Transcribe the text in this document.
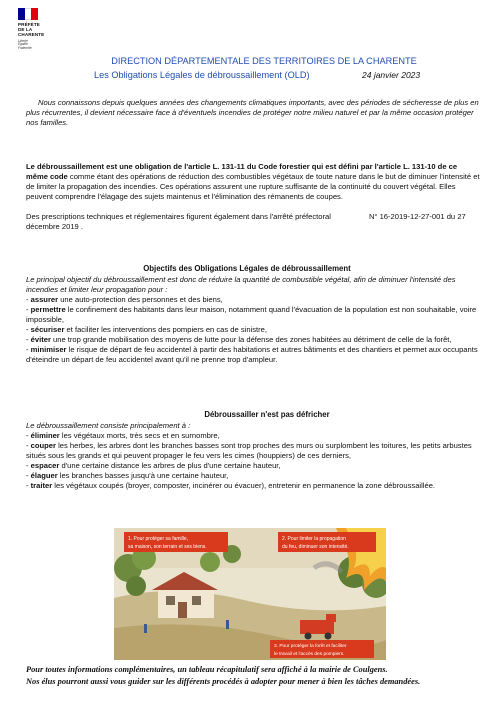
PRÉFÈTE
DE LA
CHARENTE
Liberté
Égalité
Fraternité
DIRECTION DÉPARTEMENTALE DES TERRITOIRES DE LA CHARENTE
Les Obligations Légales de débroussaillement (OLD)	24 janvier 2023

Nous connaissons depuis quelques années des changements climatiques importants, avec des périodes de sécheresse de plus en plus récurrentes, il devient nécessaire face à d'éventuels incendies de protéger notre milieu naturel et par la même occasion protéger nos familles.

Le débroussaillement est une obligation de l'article L. 131-11 du Code forestier qui est défini par l'article L. 131-10 de ce même code comme étant des opérations de réduction des combustibles végétaux de toute nature dans le but de diminuer l'intensité et de limiter la propagation des incendies. Ces opérations assurent une rupture suffisante de la continuité du couvert végétal. Elles peuvent comprendre l'élagage des sujets maintenus et l'élimination des rémanents de coupes.

Des prescriptions techniques et réglementaires figurent également dans l'arrêté préfectoral	N° 16-2019-12-27-001 du 27 décembre 2019 .

Objectifs des Obligations Légales de débroussaillement
Le principal objectif du débroussaillement est donc de réduire la quantité de combustible végétal, afin de diminuer l'intensité des incendies et limiter leur propagation pour :
- assurer une auto-protection des personnes et des biens,
- permettre le confinement des habitants dans leur maison, notamment quand l'évacuation de la population est non souhaitable, voire impossible,
- sécuriser et faciliter les interventions des pompiers en cas de sinistre,
- éviter une trop grande mobilisation des moyens de lutte pour la défense des zones habitées au détriment de celle de la forêt,
- minimiser le risque de départ de feu accidentel à partir des habitations et autres bâtiments et des chantiers et permet aux occupants d'éteindre un départ de feu accidentel avant qu'il ne prenne trop d'ampleur.
Débroussailler n'est pas défricher
Le débroussaillement consiste principalement à :
- éliminer les végétaux morts, très secs et en surnombre,
- couper les herbes, les arbres dont les branches basses sont trop proches des murs ou surplombent les toitures, les petits arbustes situés sous les grands et qui peuvent propager le feu vers les cimes (houppiers) de ces derniers,
- espacer d'une certaine distance les arbres de plus d'une certaine hauteur,
- élaguer les branches basses jusqu'à une certaine hauteur,
- traiter les végétaux coupés (broyer, composter, incinérer ou évacuer), entretenir en permanence la zone débroussaillée.
1. Pour protéger sa famille,
sa maison, son terrain et ses biens.
2. Pour limiter la propagation
du feu, diminuer son intensité.
3. Pour protéger la forêt et faciliter
le travail et l'accès des pompiers.

Pour toutes informations complémentaires, un tableau récapitulatif sera affiché à la mairie de Coulgens.

Nos élus pourront aussi vous guider sur les différents procédés à adopter pour mener à bien les tâches demandées.
